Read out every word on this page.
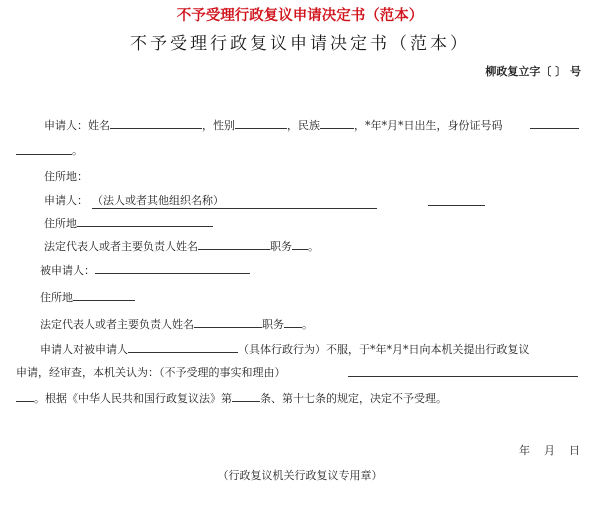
不予受理行政复议申请决定书（范本）
不予受理行政复议申请决定书（范本）
柳政复立字〔 〕 号
申请人：姓名	，性别	，民族	，*年*月*日出生，身份证号码
。
住所地：
申请人： （法人或者其他组织名称）
住所地
法定代表人或者主要负责人姓名	职务 。
被申请人：
住所地
法定代表人或者主要负责人姓名	职务 。
申请人对被申请人	（具体行政行为）不服，于*年*月*日向本机关提出行政复议
申请，经审查，本机关认为：（不予受理的事实和理由）
。根据《中华人民共和国行政复议法》第	条、第十七条的规定，决定不予受理。
年    月    日
（行政复议机关行政复议专用章）
